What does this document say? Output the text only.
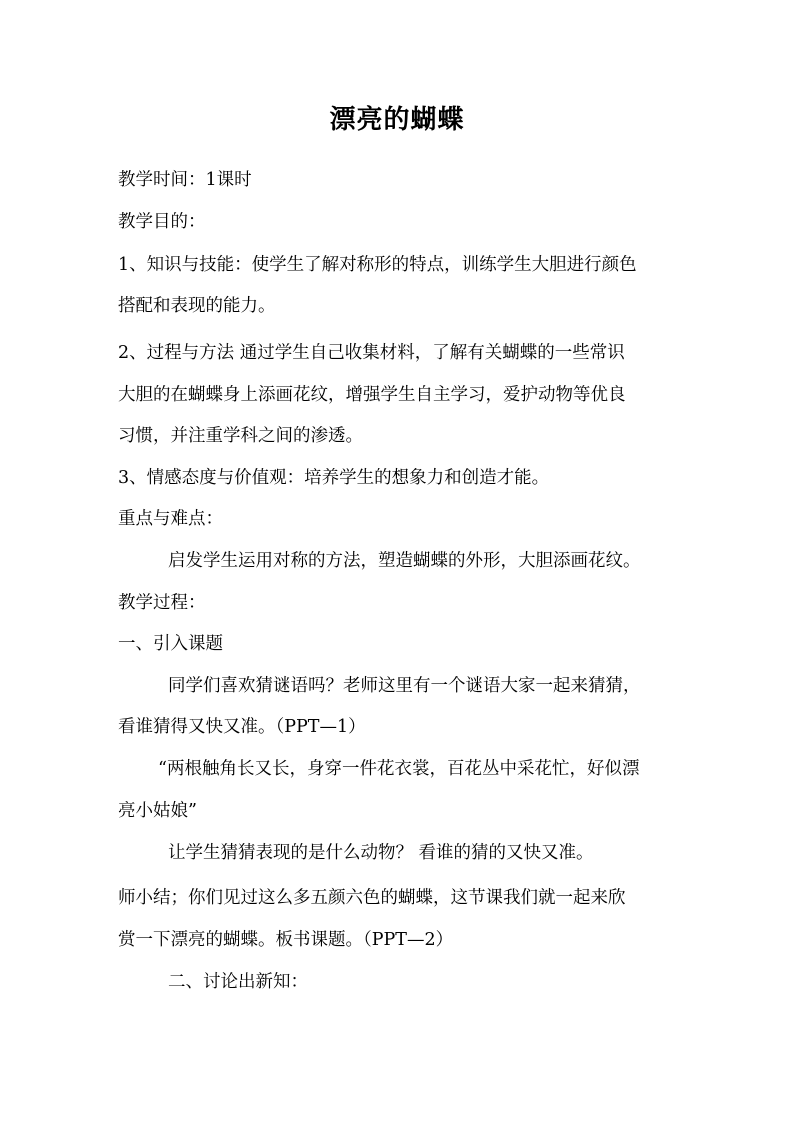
漂亮的蝴蝶
教学时间：1课时
教学目的：
1、知识与技能：使学生了解对称形的特点，训练学生大胆进行颜色
搭配和表现的能力。
2、过程与方法 通过学生自己收集材料，了解有关蝴蝶的一些常识
大胆的在蝴蝶身上添画花纹，增强学生自主学习，爱护动物等优良
习惯，并注重学科之间的渗透。
3、情感态度与价值观：培养学生的想象力和创造才能。
重点与难点：
启发学生运用对称的方法，塑造蝴蝶的外形，大胆添画花纹。
教学过程：
一、引入课题
同学们喜欢猜谜语吗？老师这里有一个谜语大家一起来猜猜，
看谁猜得又快又准。（PPT—1）
“两根触角长又长，身穿一件花衣裳，百花丛中采花忙，好似漂
亮小姑娘”
让学生猜猜表现的是什么动物？ 看谁的猜的又快又准。
师小结；你们见过这么多五颜六色的蝴蝶，这节课我们就一起来欣
赏一下漂亮的蝴蝶。板书课题。（PPT—2）
二、讨论出新知：
